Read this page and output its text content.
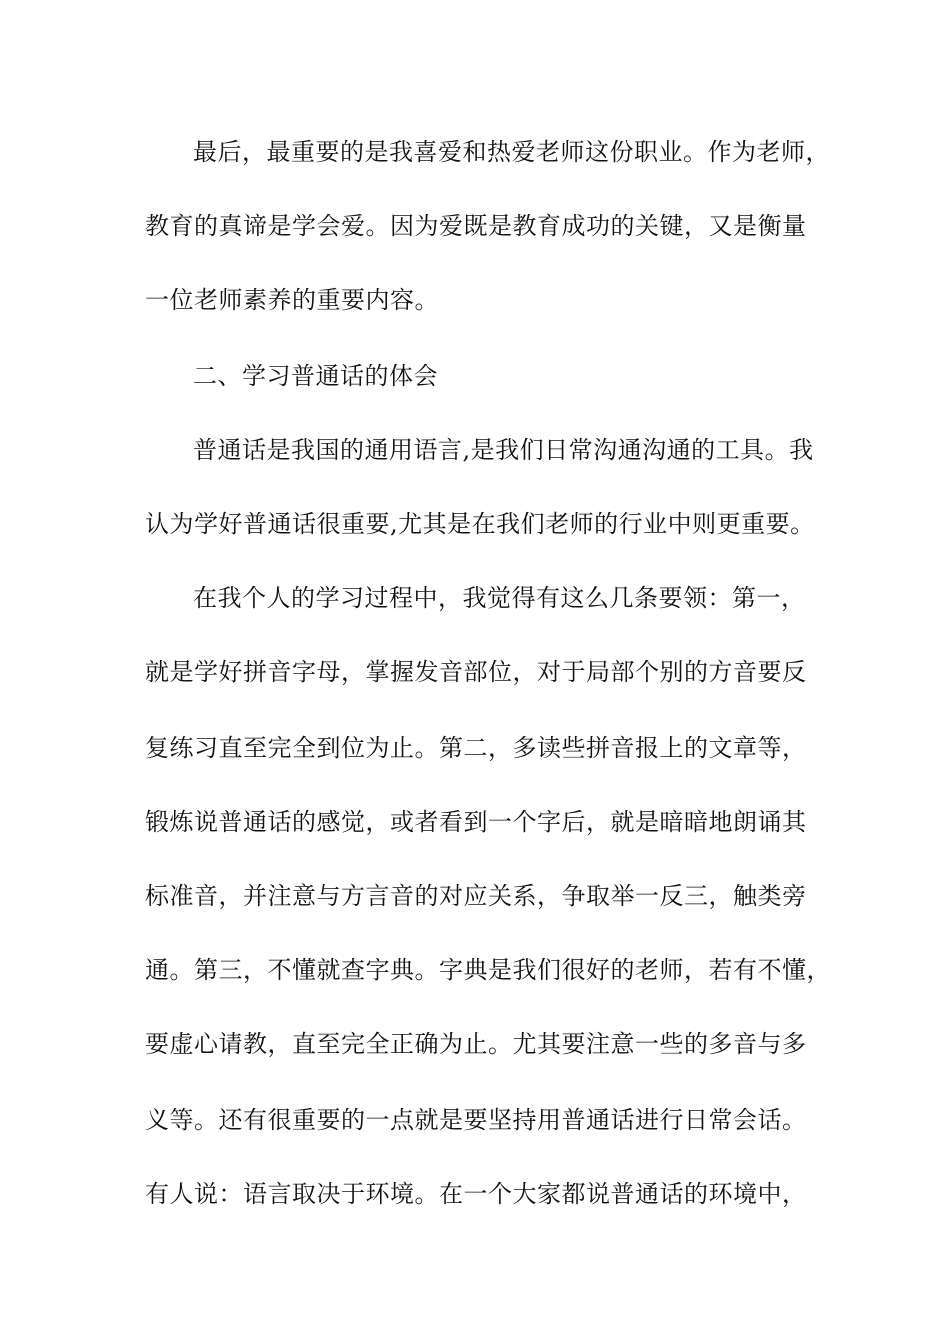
最后，最重要的是我喜爱和热爱老师这份职业。作为老师，
教育的真谛是学会爱。因为爱既是教育成功的关键，又是衡量
一位老师素养的重要内容。
二、学习普通话的体会
普通话是我国的通用语言,是我们日常沟通沟通的工具。我
认为学好普通话很重要,尤其是在我们老师的行业中则更重要。
在我个人的学习过程中，我觉得有这么几条要领：第一，
就是学好拼音字母，掌握发音部位，对于局部个别的方音要反
复练习直至完全到位为止。第二，多读些拼音报上的文章等，
锻炼说普通话的感觉，或者看到一个字后，就是暗暗地朗诵其
标准音，并注意与方言音的对应关系，争取举一反三，触类旁
通。第三，不懂就查字典。字典是我们很好的老师，若有不懂，
要虚心请教，直至完全正确为止。尤其要注意一些的多音与多
义等。还有很重要的一点就是要坚持用普通话进行日常会话。
有人说：语言取决于环境。在一个大家都说普通话的环境中，
